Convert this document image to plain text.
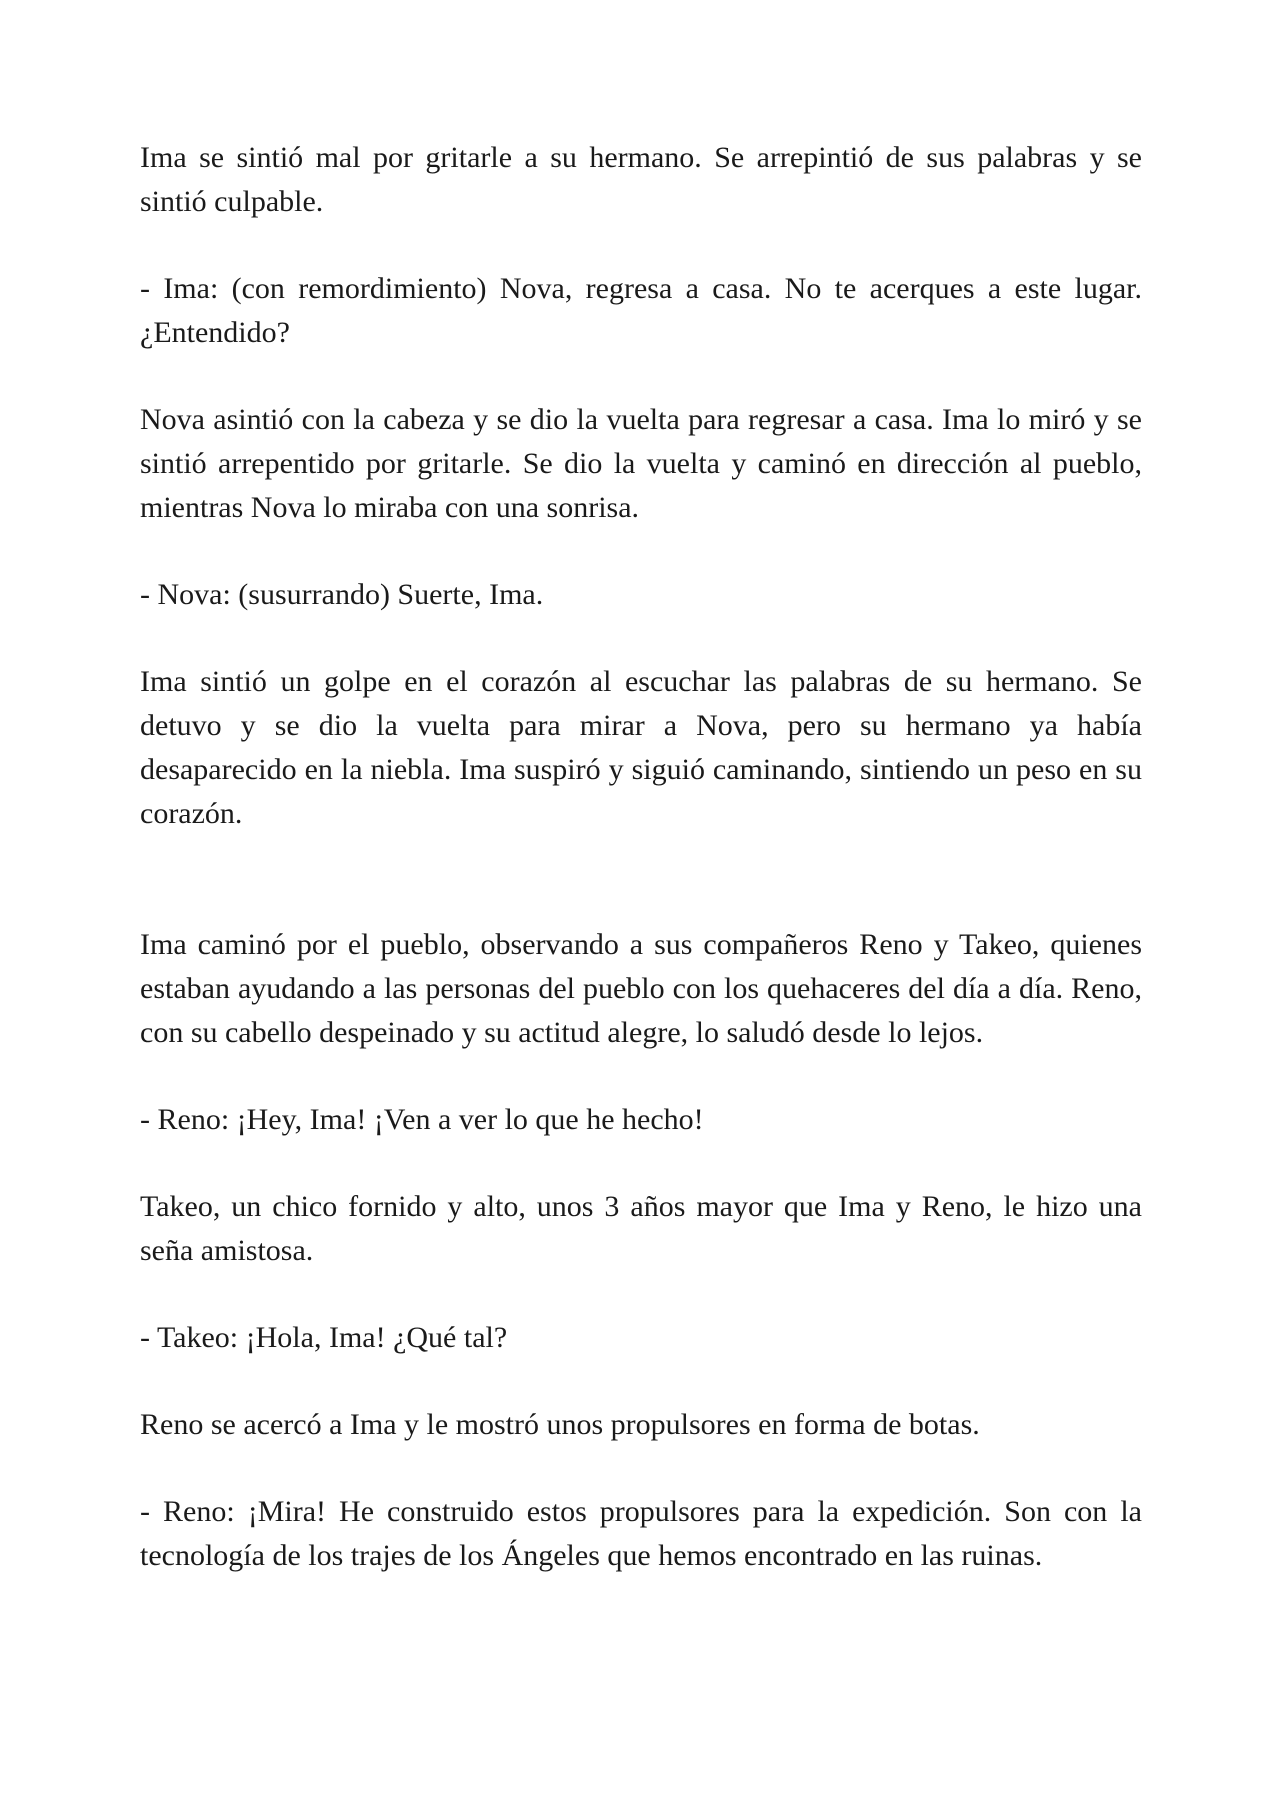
Ima se sintió mal por gritarle a su hermano. Se arrepintió de sus palabras y se sintió culpable.

- Ima: (con remordimiento) Nova, regresa a casa. No te acerques a este lugar. ¿Entendido?

Nova asintió con la cabeza y se dio la vuelta para regresar a casa. Ima lo miró y se sintió arrepentido por gritarle. Se dio la vuelta y caminó en dirección al pueblo, mientras Nova lo miraba con una sonrisa.

- Nova: (susurrando) Suerte, Ima.

Ima sintió un golpe en el corazón al escuchar las palabras de su hermano. Se detuvo y se dio la vuelta para mirar a Nova, pero su hermano ya había desaparecido en la niebla. Ima suspiró y siguió caminando, sintiendo un peso en su corazón.

Ima caminó por el pueblo, observando a sus compañeros Reno y Takeo, quienes estaban ayudando a las personas del pueblo con los quehaceres del día a día. Reno, con su cabello despeinado y su actitud alegre, lo saludó desde lo lejos.

- Reno: ¡Hey, Ima! ¡Ven a ver lo que he hecho!

Takeo, un chico fornido y alto, unos 3 años mayor que Ima y Reno, le hizo una seña amistosa.

- Takeo: ¡Hola, Ima! ¿Qué tal?

Reno se acercó a Ima y le mostró unos propulsores en forma de botas.

- Reno: ¡Mira! He construido estos propulsores para la expedición. Son con la tecnología de los trajes de los Ángeles que hemos encontrado en las ruinas.
